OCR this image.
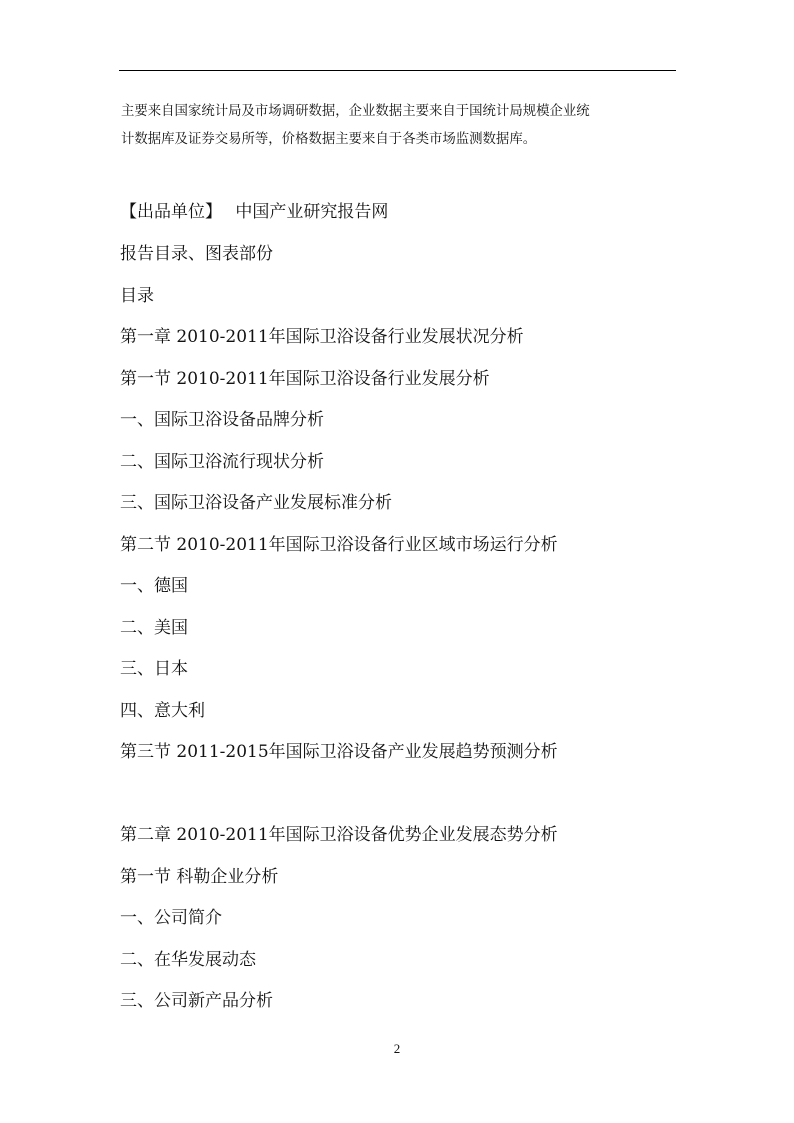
主要来自国家统计局及市场调研数据，企业数据主要来自于国统计局规模企业统

计数据库及证券交易所等，价格数据主要来自于各类市场监测数据库。

【出品单位】 中国产业研究报告网
报告目录、图表部份
目录
第一章 2010-2011年国际卫浴设备行业发展状况分析
第一节 2010-2011年国际卫浴设备行业发展分析
一、国际卫浴设备品牌分析
二、国际卫浴流行现状分析
三、国际卫浴设备产业发展标准分析
第二节 2010-2011年国际卫浴设备行业区域市场运行分析
一、德国
二、美国
三、日本
四、意大利
第三节 2011-2015年国际卫浴设备产业发展趋势预测分析
第二章 2010-2011年国际卫浴设备优势企业发展态势分析
第一节 科勒企业分析
一、公司简介
二、在华发展动态
三、公司新产品分析
2
